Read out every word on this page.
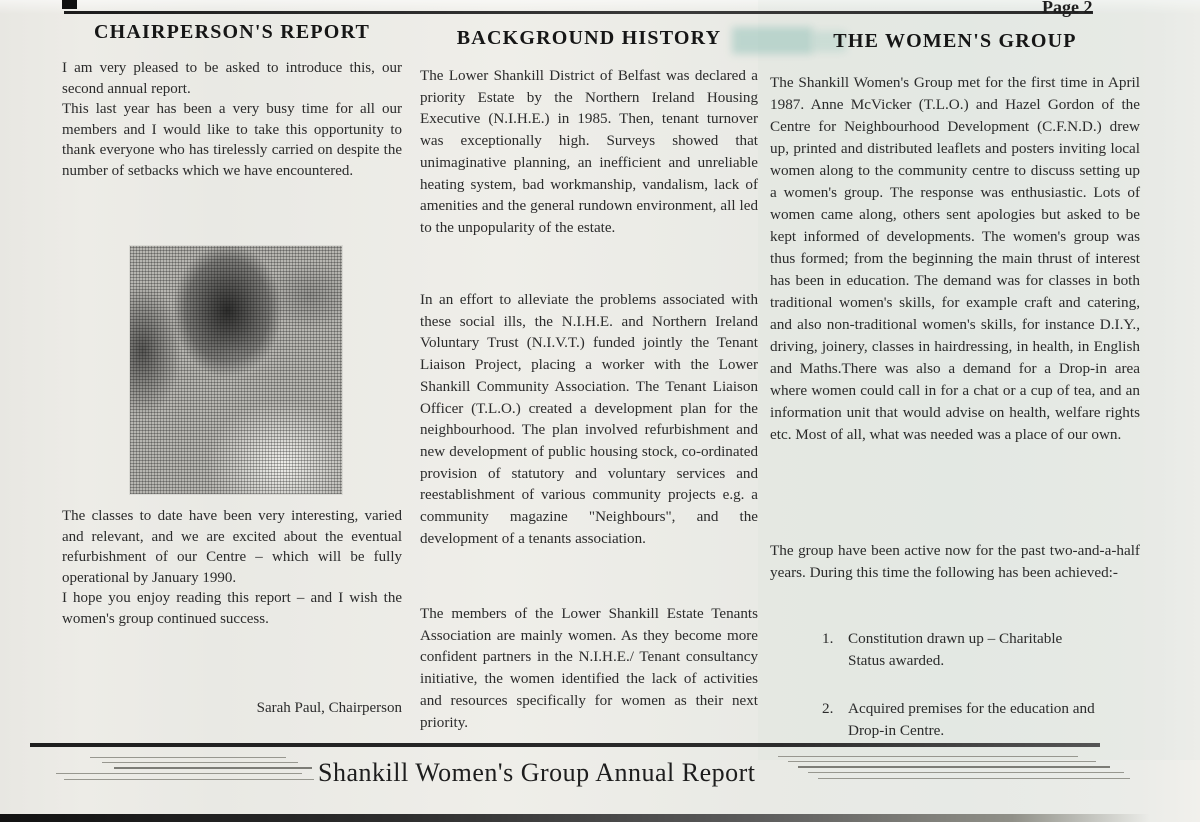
Page 2
CHAIRPERSON'S REPORT

I am very pleased to be asked to introduce this, our second annual report.

This last year has been a very busy time for all our members and I would like to take this opportunity to thank everyone who has tirelessly carried on despite the number of setbacks which we have encountered.

The classes to date have been very interesting, varied and relevant, and we are excited about the eventual refurbishment of our Centre – which will be fully operational by January 1990.

I hope you enjoy reading this report – and I wish the women's group continued success.

Sarah Paul, Chairperson
BACKGROUND HISTORY

The Lower Shankill District of Belfast was declared a priority Estate by the Northern Ireland Housing Executive (N.I.H.E.) in 1985. Then, tenant turnover was exceptionally high. Surveys showed that unimaginative planning, an inefficient and unreliable heating system, bad workmanship, vandalism, lack of amenities and the general rundown environment, all led to the unpopularity of the estate.

In an effort to alleviate the problems associated with these social ills, the N.I.H.E. and Northern Ireland Voluntary Trust (N.I.V.T.) funded jointly the Tenant Liaison Project, placing a worker with the Lower Shankill Community Association. The Tenant Liaison Officer (T.L.O.) created a development plan for the neighbourhood. The plan involved refurbishment and new development of public housing stock, co-ordinated provision of statutory and voluntary services and reestablishment of various community projects e.g. a community magazine "Neighbours", and the development of a tenants association.

The members of the Lower Shankill Estate Tenants Association are mainly women. As they become more confident partners in the N.I.H.E./ Tenant consultancy initiative, the women identified the lack of activities and resources specifically for women as their next priority.

THE WOMEN'S GROUP

The Shankill Women's Group met for the first time in April 1987. Anne McVicker (T.L.O.) and Hazel Gordon of the Centre for Neighbourhood Development (C.F.N.D.) drew up, printed and distributed leaflets and posters inviting local women along to the community centre to discuss setting up a women's group. The response was enthusiastic. Lots of women came along, others sent apologies but asked to be kept informed of developments. The women's group was thus formed; from the beginning the main thrust of interest has been in education. The demand was for classes in both traditional women's skills, for example craft and catering, and also non-traditional women's skills, for instance D.I.Y., driving, joinery, classes in hairdressing, in health, in English and Maths.There was also a demand for a Drop-in area where women could call in for a chat or a cup of tea, and an information unit that would advise on health, welfare rights etc. Most of all, what was needed was a place of our own.

The group have been active now for the past two-and-a-half years. During this time the following has been achieved:-

1. Constitution drawn up – Charitable Status awarded.
2. Acquired premises for the education and Drop-in Centre.
Shankill Women's Group Annual Report
